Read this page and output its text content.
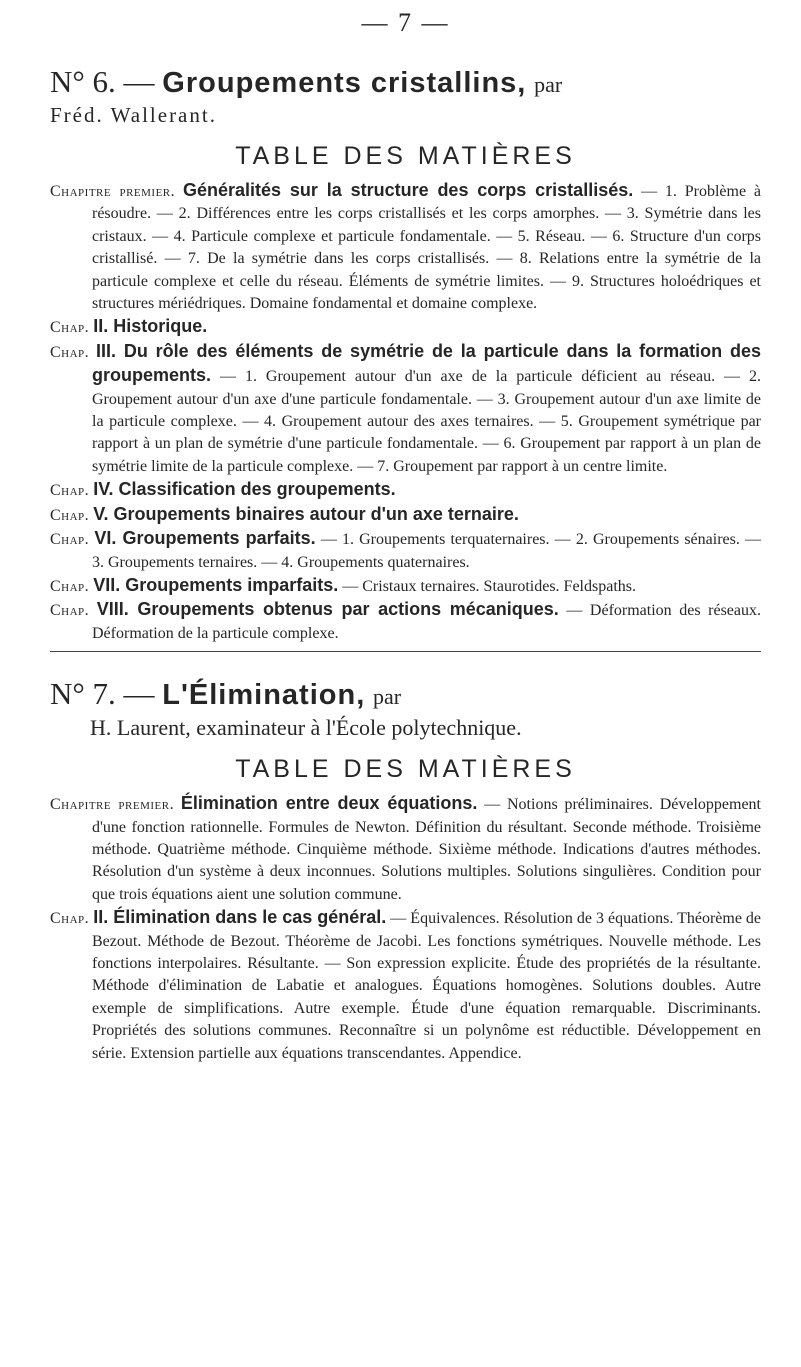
— 7 —
N° 6. — Groupements cristallins, par
Fréd. Wallerant.
TABLE DES MATIÈRES

Chapitre premier. Généralités sur la structure des corps cristallisés. — 1. Problème à résoudre. — 2. Différences entre les corps cristallisés et les corps amorphes. — 3. Symétrie dans les cristaux. — 4. Particule complexe et particule fondamentale. — 5. Réseau. — 6. Structure d'un corps cristallisé. — 7. De la symétrie dans les corps cristallisés. — 8. Relations entre la symétrie de la particule complexe et celle du réseau. Éléments de symétrie limites. — 9. Structures holoédriques et structures mériédriques. Domaine fondamental et domaine complexe.

Chap. II. Historique.

Chap. III. Du rôle des éléments de symétrie de la particule dans la formation des groupements. — 1. Groupement autour d'un axe de la particule déficient au réseau. — 2. Groupement autour d'un axe d'une particule fondamentale. — 3. Groupement autour d'un axe limite de la particule complexe. — 4. Groupement autour des axes ternaires. — 5. Groupement symétrique par rapport à un plan de symétrie d'une particule fondamentale. — 6. Groupement par rapport à un plan de symétrie limite de la particule complexe. — 7. Groupement par rapport à un centre limite.

Chap. IV. Classification des groupements.

Chap. V. Groupements binaires autour d'un axe ternaire.

Chap. VI. Groupements parfaits. — 1. Groupements terquaternaires. — 2. Groupements sénaires. — 3. Groupements ternaires. — 4. Groupements quaternaires.

Chap. VII. Groupements imparfaits. — Cristaux ternaires. Staurotides. Feldspaths.

Chap. VIII. Groupements obtenus par actions mécaniques. — Déformation des réseaux. Déformation de la particule complexe.

N° 7. — L'Élimination, par
H. Laurent, examinateur à l'École polytechnique.
TABLE DES MATIÈRES

Chapitre premier. Élimination entre deux équations. — Notions préliminaires. Développement d'une fonction rationnelle. Formules de Newton. Définition du résultant. Seconde méthode. Troisième méthode. Quatrième méthode. Cinquième méthode. Sixième méthode. Indications d'autres méthodes. Résolution d'un système à deux inconnues. Solutions multiples. Solutions singulières. Condition pour que trois équations aient une solution commune.

Chap. II. Élimination dans le cas général. — Équivalences. Résolution de 3 équations. Théorème de Bezout. Méthode de Bezout. Théorème de Jacobi. Les fonctions symétriques. Nouvelle méthode. Les fonctions interpolaires. Résultante. — Son expression explicite. Étude des propriétés de la résultante. Méthode d'élimination de Labatie et analogues. Équations homogènes. Solutions doubles. Autre exemple de simplifications. Autre exemple. Étude d'une équation remarquable. Discriminants. Propriétés des solutions communes. Reconnaître si un polynôme est réductible. Développement en série. Extension partielle aux équations transcendantes. Appendice.
